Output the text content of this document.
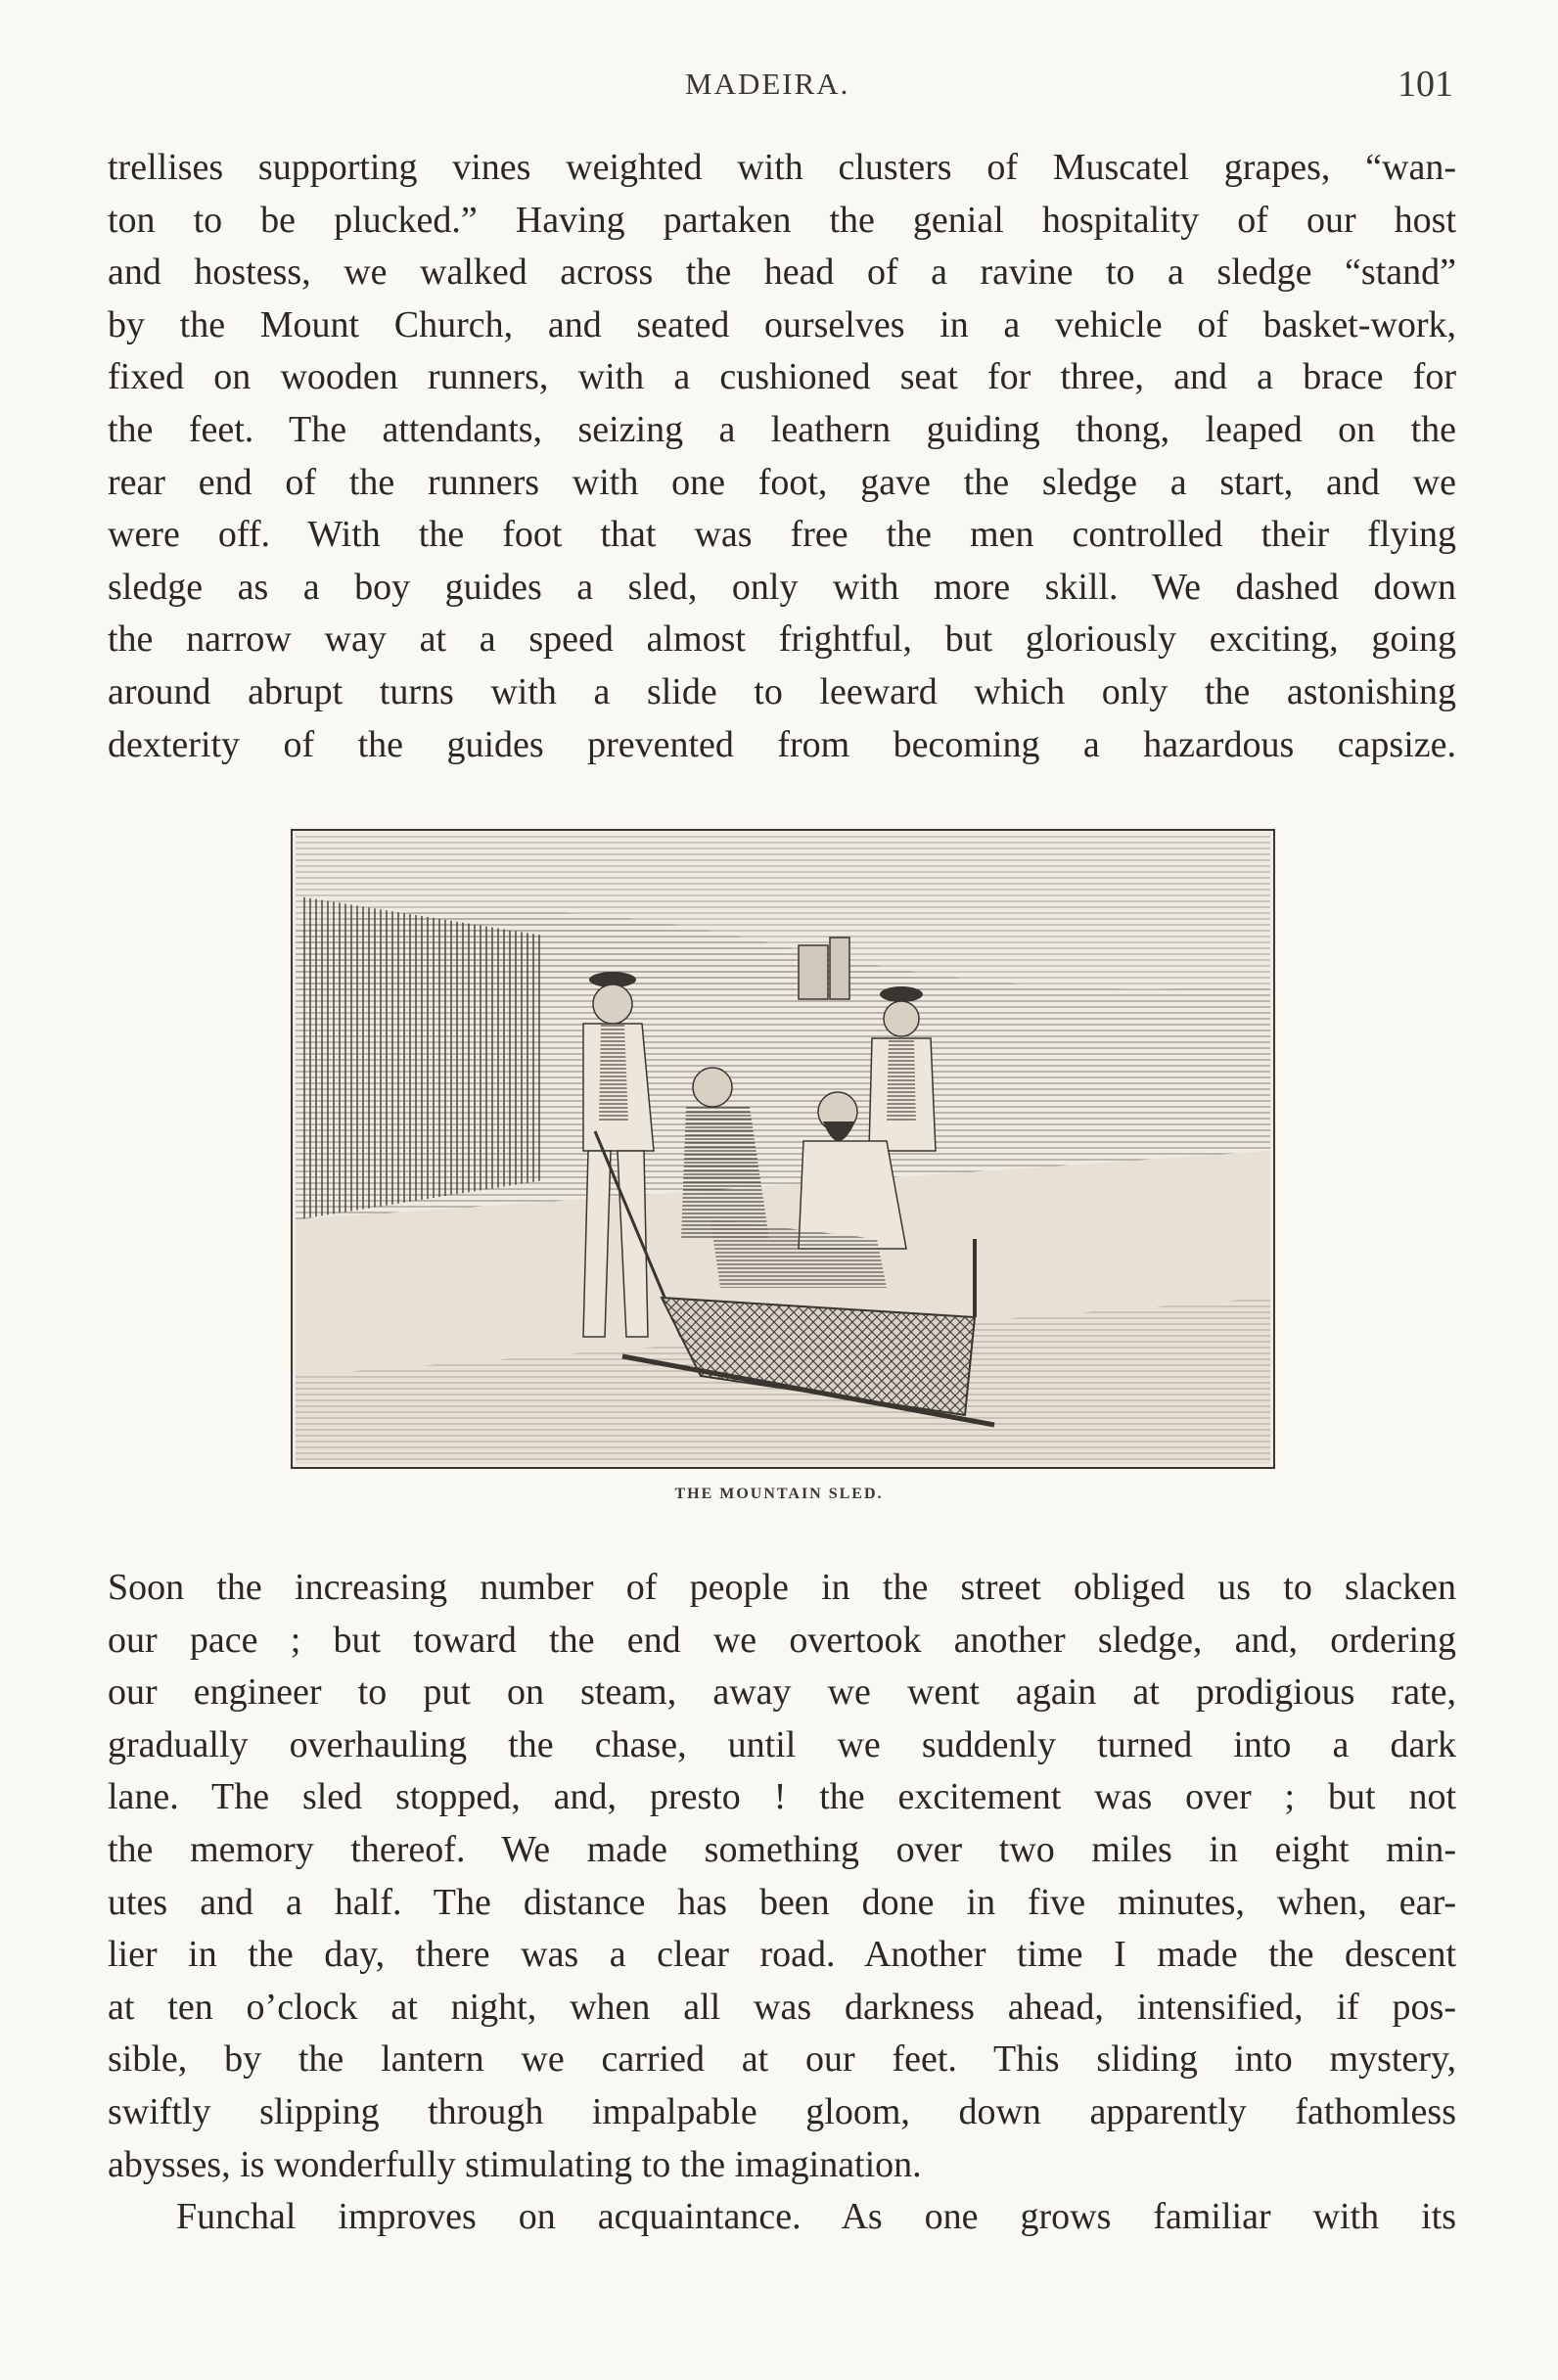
MADEIRA.	101
trellises supporting vines weighted with clusters of Muscatel grapes, “wan-
ton to be plucked.” Having partaken the genial hospitality of our host
and hostess, we walked across the head of a ravine to a sledge “stand”
by the Mount Church, and seated ourselves in a vehicle of basket-work,
fixed on wooden runners, with a cushioned seat for three, and a brace for
the feet. The attendants, seizing a leathern guiding thong, leaped on the
rear end of the runners with one foot, gave the sledge a start, and we
were off. With the foot that was free the men controlled their flying
sledge as a boy guides a sled, only with more skill. We dashed down
the narrow way at a speed almost frightful, but gloriously exciting, going
around abrupt turns with a slide to leeward which only the astonishing
dexterity of the guides prevented from becoming a hazardous capsize.
THE MOUNTAIN SLED.
Soon the increasing number of people in the street obliged us to slacken
our pace ; but toward the end we overtook another sledge, and, ordering
our engineer to put on steam, away we went again at prodigious rate,
gradually overhauling the chase, until we suddenly turned into a dark
lane. The sled stopped, and, presto ! the excitement was over ; but not
the memory thereof. We made something over two miles in eight min-
utes and a half. The distance has been done in five minutes, when, ear-
lier in the day, there was a clear road. Another time I made the descent
at ten o’clock at night, when all was darkness ahead, intensified, if pos-
sible, by the lantern we carried at our feet. This sliding into mystery,
swiftly slipping through impalpable gloom, down apparently fathomless
abysses, is wonderfully stimulating to the imagination.
Funchal improves on acquaintance. As one grows familiar with its
